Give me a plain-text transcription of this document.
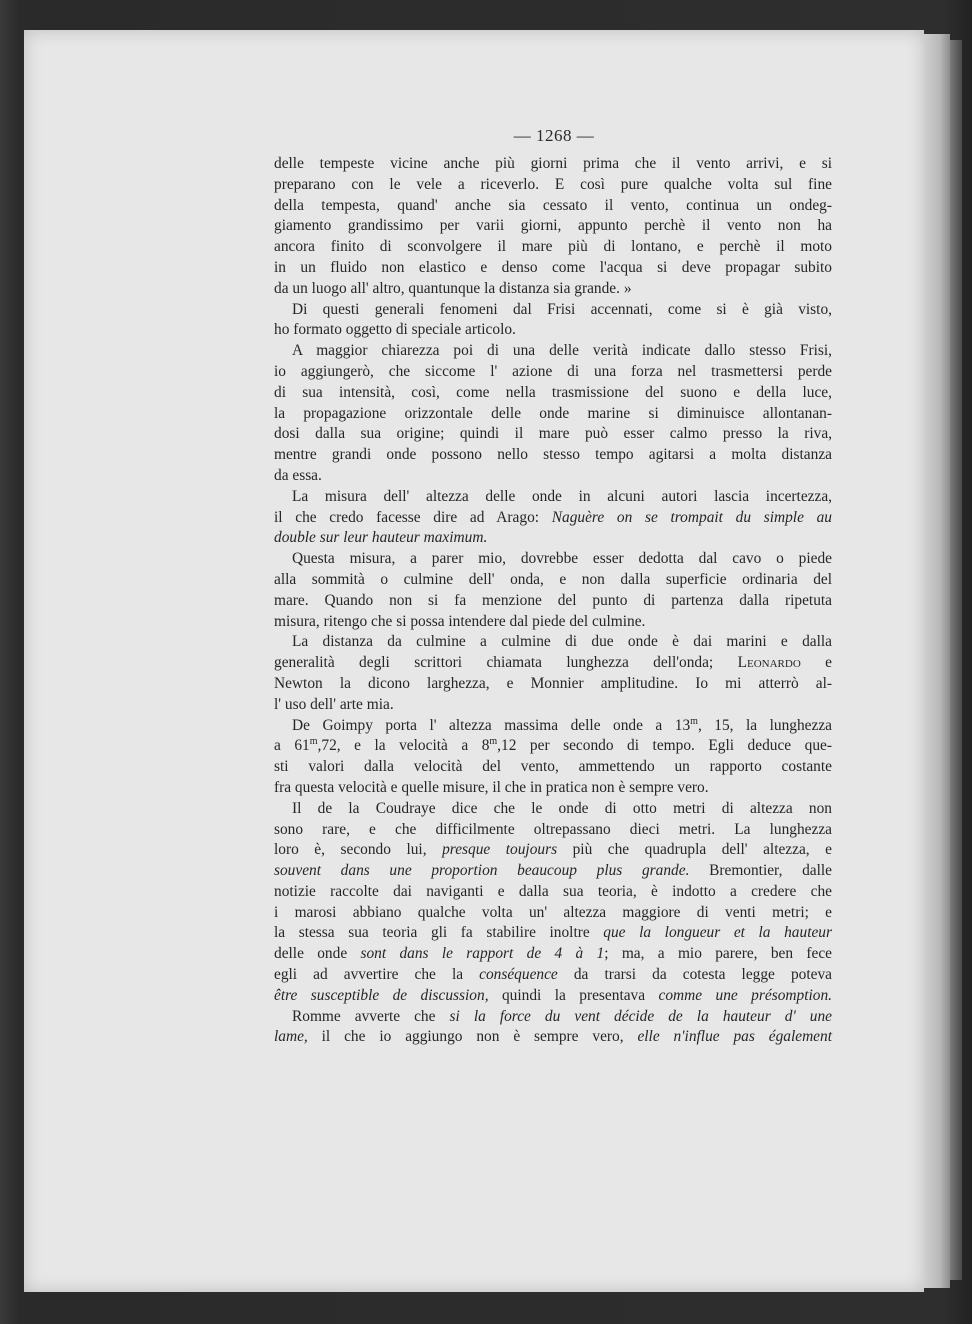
— 1268 —
delle tempeste vicine anche più giorni prima che il vento arrivi, e si
preparano con le vele a riceverlo. E così pure qualche volta sul fine
della tempesta, quand' anche sia cessato il vento, continua un ondeg-
giamento grandissimo per varii giorni, appunto perchè il vento non ha
ancora finito di sconvolgere il mare più di lontano, e perchè il moto
in un fluido non elastico e denso come l'acqua si deve propagar subito
da un luogo all' altro, quantunque la distanza sia grande. »
Di questi generali fenomeni dal Frisi accennati, come si è già visto,
ho formato oggetto di speciale articolo.
A maggior chiarezza poi di una delle verità indicate dallo stesso Frisi,
io aggiungerò, che siccome l' azione di una forza nel trasmettersi perde
di sua intensità, così, come nella trasmissione del suono e della luce,
la propagazione orizzontale delle onde marine si diminuisce allontanan-
dosi dalla sua origine; quindi il mare può esser calmo presso la riva,
mentre grandi onde possono nello stesso tempo agitarsi a molta distanza
da essa.
La misura dell' altezza delle onde in alcuni autori lascia incertezza,
il che credo facesse dire ad Arago: Naguère on se trompait du simple au
double sur leur hauteur maximum.
Questa misura, a parer mio, dovrebbe esser dedotta dal cavo o piede
alla sommità o culmine dell' onda, e non dalla superficie ordinaria del
mare. Quando non si fa menzione del punto di partenza dalla ripetuta
misura, ritengo che si possa intendere dal piede del culmine.
La distanza da culmine a culmine di due onde è dai marini e dalla
generalità degli scrittori chiamata lunghezza dell'onda; Leonardo e
Newton la dicono larghezza, e Monnier amplitudine. Io mi atterrò al-
l' uso dell' arte mia.
De Goimpy porta l' altezza massima delle onde a 13$^m$, 15, la lunghezza
a 61$^m$,72, e la velocità a 8$^m$,12 per secondo di tempo. Egli deduce que-
sti valori dalla velocità del vento, ammettendo un rapporto costante
fra questa velocità e quelle misure, il che in pratica non è sempre vero.
Il de la Coudraye dice che le onde di otto metri di altezza non
sono rare, e che difficilmente oltrepassano dieci metri. La lunghezza
loro è, secondo lui, presque toujours più che quadrupla dell' altezza, e
souvent dans une proportion beaucoup plus grande. Bremontier, dalle
notizie raccolte dai naviganti e dalla sua teoria, è indotto a credere che
i marosi abbiano qualche volta un' altezza maggiore di venti metri; e
la stessa sua teoria gli fa stabilire inoltre que la longueur et la hauteur
delle onde sont dans le rapport de 4 à 1; ma, a mio parere, ben fece
egli ad avvertire che la conséquence da trarsi da cotesta legge poteva
être susceptible de discussion, quindi la presentava comme une présomption.
Romme avverte che si la force du vent décide de la hauteur d' une
lame, il che io aggiungo non è sempre vero, elle n'influe pas également
